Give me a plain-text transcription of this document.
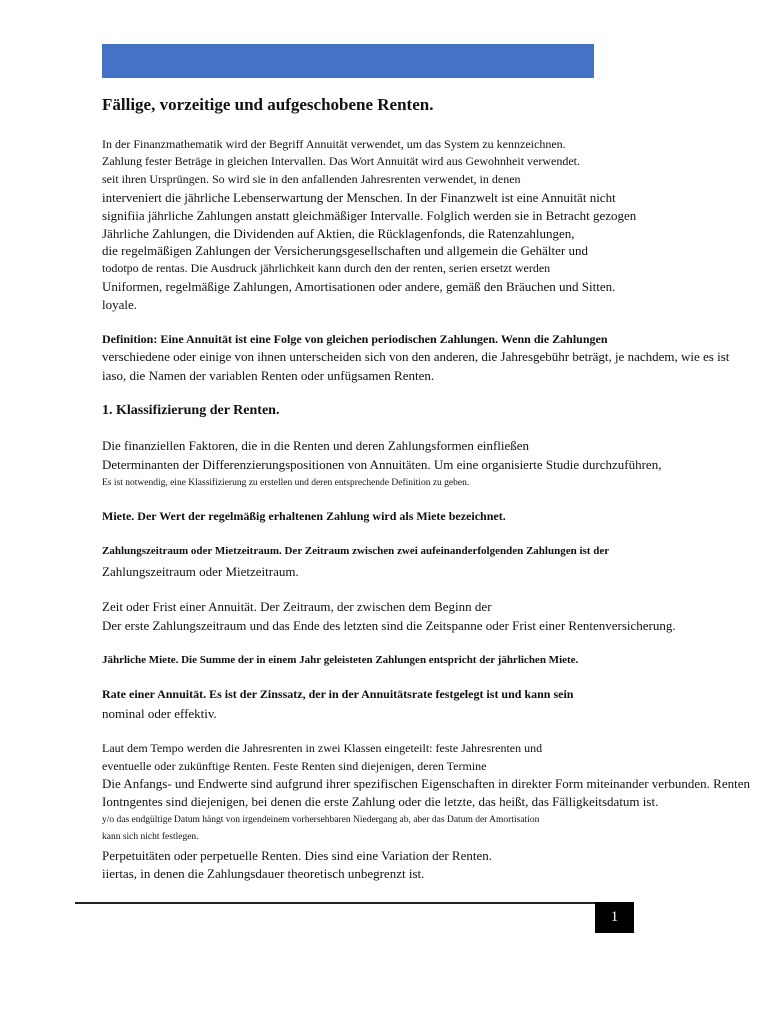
Fällige, vorzeitige und aufgeschobene Renten.
In der Finanzmathematik wird der Begriff Annuität verwendet, um das System zu kennzeichnen.
Zahlung fester Beträge in gleichen Intervallen. Das Wort Annuität wird aus Gewohnheit verwendet.
seit ihren Ursprüngen. So wird sie in den anfallenden Jahresrenten verwendet, in denen
interveniert die jährliche Lebenserwartung der Menschen. In der Finanzwelt ist eine Annuität nicht
signifiia jährliche Zahlungen anstatt gleichmäßiger Intervalle. Folglich werden sie in Betracht gezogen
Jährliche Zahlungen, die Dividenden auf Aktien, die Rücklagenfonds, die Ratenzahlungen,
die regelmäßigen Zahlungen der Versicherungsgesellschaften und allgemein die Gehälter und
todotpo de rentas. Die Ausdruck jährlichkeit kann durch den der renten, serien ersetzt werden
Uniformen, regelmäßige Zahlungen, Amortisationen oder andere, gemäß den Bräuchen und Sitten.
loyale.
Definition: Eine Annuität ist eine Folge von gleichen periodischen Zahlungen. Wenn die Zahlungen
verschiedene oder einige von ihnen unterscheiden sich von den anderen, die Jahresgebühr beträgt, je nachdem, wie es ist
iaso, die Namen der variablen Renten oder unfügsamen Renten.
1. Klassifizierung der Renten.
Die finanziellen Faktoren, die in die Renten und deren Zahlungsformen einfließen
Determinanten der Differenzierungspositionen von Annuitäten. Um eine organisierte Studie durchzuführen,
Es ist notwendig, eine Klassifizierung zu erstellen und deren entsprechende Definition zu geben.
Miete. Der Wert der regelmäßig erhaltenen Zahlung wird als Miete bezeichnet.
Zahlungszeitraum oder Mietzeitraum. Der Zeitraum zwischen zwei aufeinanderfolgenden Zahlungen ist der
Zahlungszeitraum oder Mietzeitraum.
Zeit oder Frist einer Annuität. Der Zeitraum, der zwischen dem Beginn der
Der erste Zahlungszeitraum und das Ende des letzten sind die Zeitspanne oder Frist einer Rentenversicherung.
Jährliche Miete. Die Summe der in einem Jahr geleisteten Zahlungen entspricht der jährlichen Miete.
Rate einer Annuität. Es ist der Zinssatz, der in der Annuitätsrate festgelegt ist und kann sein
nominal oder effektiv.
Laut dem Tempo werden die Jahresrenten in zwei Klassen eingeteilt: feste Jahresrenten und
eventuelle oder zukünftige Renten. Feste Renten sind diejenigen, deren Termine
Die Anfangs- und Endwerte sind aufgrund ihrer spezifischen Eigenschaften in direkter Form miteinander verbunden. Renten
Iontngentes sind diejenigen, bei denen die erste Zahlung oder die letzte, das heißt, das Fälligkeitsdatum ist.
y/o das endgültige Datum hängt von irgendeinem vorhersehbaren Niedergang ab, aber das Datum der Amortisation
kann sich nicht festlegen.
Perpetuitäten oder perpetuelle Renten. Dies sind eine Variation der Renten.
iiertas, in denen die Zahlungsdauer theoretisch unbegrenzt ist.
1
